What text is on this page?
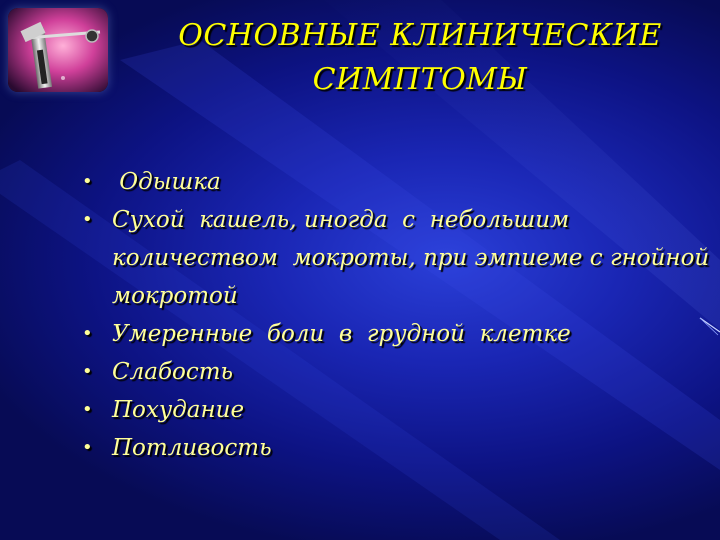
ОСНОВНЫЕ КЛИНИЧЕСКИЕ
СИМПТОМЫ
• Одышка
• Сухой  кашель, иногда  с  небольшим
количеством  мокроты, при эмпиеме с гнойной
мокротой
• Умеренные  боли  в  грудной  клетке
• Слабость
• Похудание
• Потливость
